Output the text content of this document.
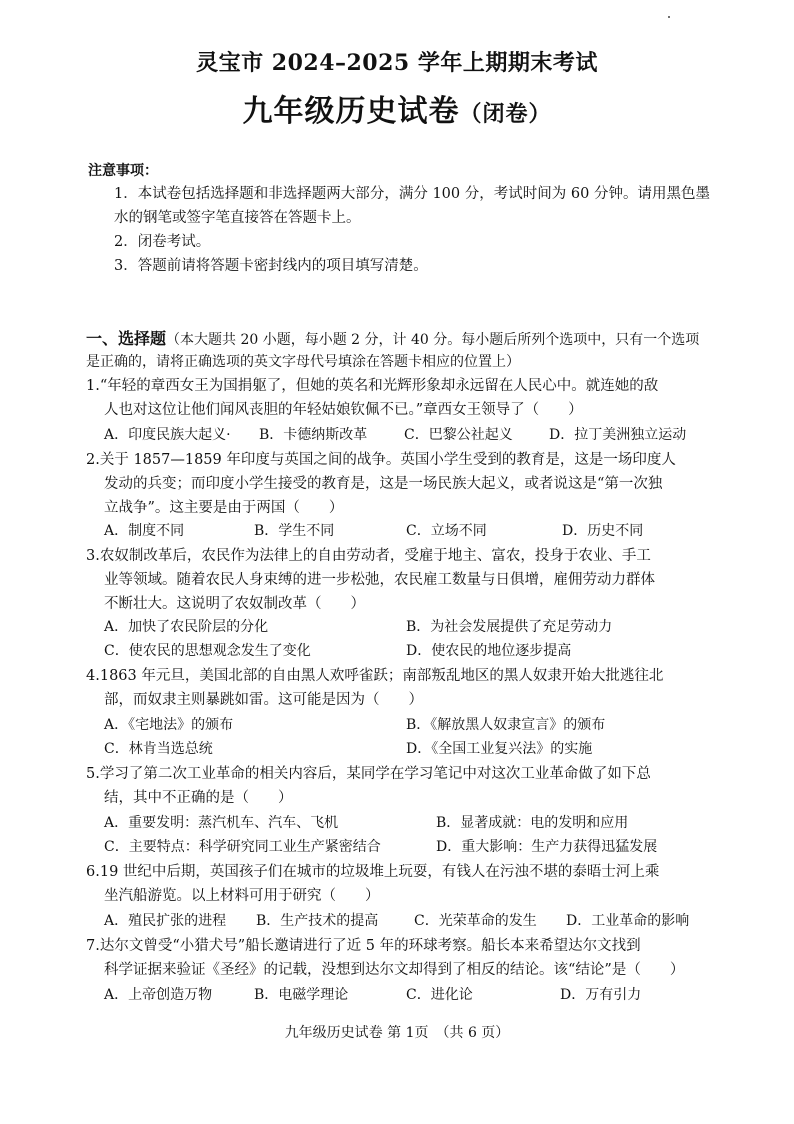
灵宝市 2024–2025 学年上期期末考试
九年级历史试卷（闭卷）
注意事项：
1．本试卷包括选择题和非选择题两大部分，满分 100 分，考试时间为 60 分钟。请用黑色墨水的钢笔或签字笔直接答在答题卡上。
2．闭卷考试。
3．答题前请将答题卡密封线内的项目填写清楚。
一、选择题（本大题共 20 小题，每小题 2 分，计 40 分。每小题后所列个选项中，只有一个选项是正确的，请将正确选项的英文字母代号填涂在答题卡相应的位置上）
1.“年轻的章西女王为国捐躯了，但她的英名和光辉形象却永远留在人民心中。就连她的敌
人也对这位让他们闻风丧胆的年轻姑娘钦佩不已。”章西女王领导了（　　）
A．印度民族大起义· B．卡德纳斯改革	C．巴黎公社起义	D．拉丁美洲独立运动
2.关于 1857—1859 年印度与英国之间的战争。英国小学生受到的教育是，这是一场印度人
发动的兵变；而印度小学生接受的教育是，这是一场民族大起义，或者说这是“第一次独
立战争”。这主要是由于两国（　　）
A．制度不同	B．学生不同	C．立场不同	D．历史不同
3.农奴制改革后，农民作为法律上的自由劳动者，受雇于地主、富农，投身于农业、手工
业等领域。随着农民人身束缚的进一步松弛，农民雇工数量与日俱增，雇佣劳动力群体
不断壮大。这说明了农奴制改革（　　）
A．加快了农民阶层的分化	B．为社会发展提供了充足劳动力
C．使农民的思想观念发生了变化	D．使农民的地位逐步提高
4.1863 年元旦，美国北部的自由黑人欢呼雀跃；南部叛乱地区的黑人奴隶开始大批逃往北
部，而奴隶主则暴跳如雷。这可能是因为（　　）
A．《宅地法》的颁布	B．《解放黑人奴隶宣言》的颁布
C．林肯当选总统	D．《全国工业复兴法》的实施
5.学习了第二次工业革命的相关内容后，某同学在学习笔记中对这次工业革命做了如下总
结，其中不正确的是（　　）
A．重要发明：蒸汽机车、汽车、飞机	B．显著成就：电的发明和应用
C．主要特点：科学研究同工业生产紧密结合	D．重大影响：生产力获得迅猛发展
6.19 世纪中后期，英国孩子们在城市的垃圾堆上玩耍，有钱人在污浊不堪的泰晤士河上乘
坐汽船游览。以上材料可用于研究（　　）
A．殖民扩张的进程 B．生产技术的提高	C．光荣革命的发生 D．工业革命的影响
7.达尔文曾受“小猎犬号”船长邀请进行了近 5 年的环球考察。船长本来希望达尔文找到
科学证据来验证《圣经》的记载，没想到达尔文却得到了相反的结论。该“结论”是（　　）
A．上帝创造万物	B．电磁学理论	C．进化论	D．万有引力
九年级历史试卷 第 1页　（共 6 页）
